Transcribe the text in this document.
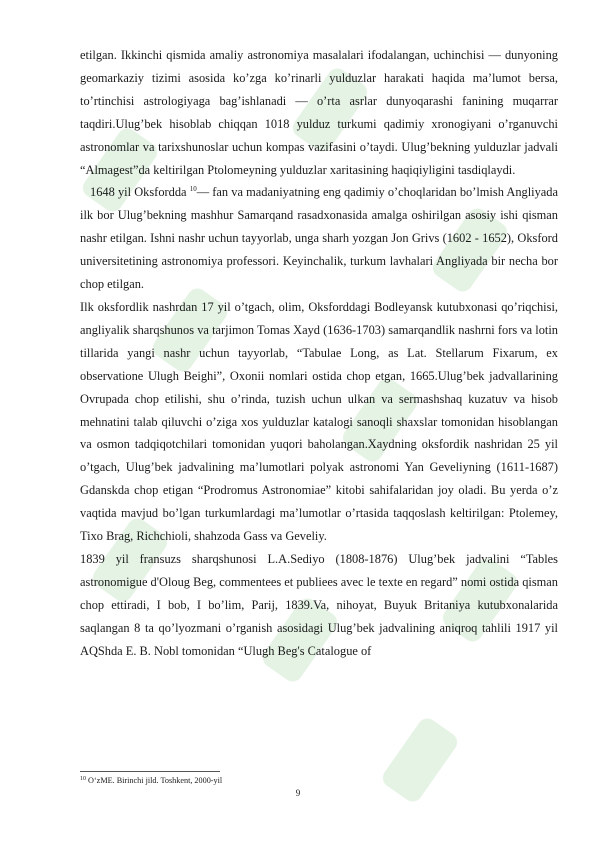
etilgan. Ikkinchi qismida amaliy astronomiya masalalari ifodalangan, uchinchisi — dunyoning geomarkaziy tizimi asosida ko’zga ko’rinarli yulduzlar harakati haqida ma’lumot bersa, to’rtinchisi astrologiyaga bag’ishlanadi — o’rta asrlar dunyoqarashi fanining muqarrar taqdiri.Ulug’bek hisoblab chiqqan 1018 yulduz turkumi qadimiy xronogiyani o’rganuvchi astronomlar va tarixshunoslar uchun kompas vazifasini o’taydi. Ulug’bekning yulduzlar jadvali “Almagest”da keltirilgan Ptolomeyning yulduzlar xaritasining haqiqiyligini tasdiqlaydi.

1648 yil Oksfordda $^{10}$— fan va madaniyatning eng qadimiy o’choqlaridan bo’lmish Angliyada ilk bor Ulug’bekning mashhur Samarqand rasadxonasida amalga oshirilgan asosiy ishi qisman nashr etilgan. Ishni nashr uchun tayyorlab, unga sharh yozgan Jon Grivs (1602 - 1652), Oksford universitetining astronomiya professori. Keyinchalik, turkum lavhalari Angliyada bir necha bor chop etilgan.

Ilk oksfordlik nashrdan 17 yil o’tgach, olim, Oksforddagi Bodleyansk kutubxonasi qo’riqchisi, angliyalik sharqshunos va tarjimon Tomas Xayd (1636-1703) samarqandlik nashrni fors va lotin tillarida yangi nashr uchun tayyorlab, “Tabulae Long, as Lat. Stellarum Fixarum, ex observatione Ulugh Beighi”, Oxonii nomlari ostida chop etgan, 1665.Ulug’bek jadvallarining Ovrupada chop etilishi, shu o’rinda, tuzish uchun ulkan va sermashshaq kuzatuv va hisob mehnatini talab qiluvchi o’ziga xos yulduzlar katalogi sanoqli shaxslar tomonidan hisoblangan va osmon tadqiqotchilari tomonidan yuqori baholangan.Xaydning oksfordik nashridan 25 yil o’tgach, Ulug’bek jadvalining ma’lumotlari polyak astronomi Yan Geveliyning (1611-1687) Gdanskda chop etigan “Prodromus Astronomiae” kitobi sahifalaridan joy oladi. Bu yerda o’z vaqtida mavjud bo’lgan turkumlardagi ma’lumotlar o’rtasida taqqoslash keltirilgan: Ptolemey, Tixo Brag, Richchioli, shahzoda Gass va Geveliy.

1839 yil fransuzs sharqshunosi L.A.Sediyo (1808-1876) Ulug’bek jadvalini “Tables astronomigue d'Oloug Beg, commentees et publiees avec le texte en regard” nomi ostida qisman chop ettiradi, I bob, I bo’lim, Parij, 1839.Va, nihoyat, Buyuk Britaniya kutubxonalarida saqlangan 8 ta qo’lyozmani o’rganish asosidagi Ulug’bek jadvalining aniqroq tahlili 1917 yil AQShda E. B. Nobl tomonidan “Ulugh Beg's Catalogue of

$^{10}$ O‘zME. Birinchi jild. Toshkent, 2000-yil
9
